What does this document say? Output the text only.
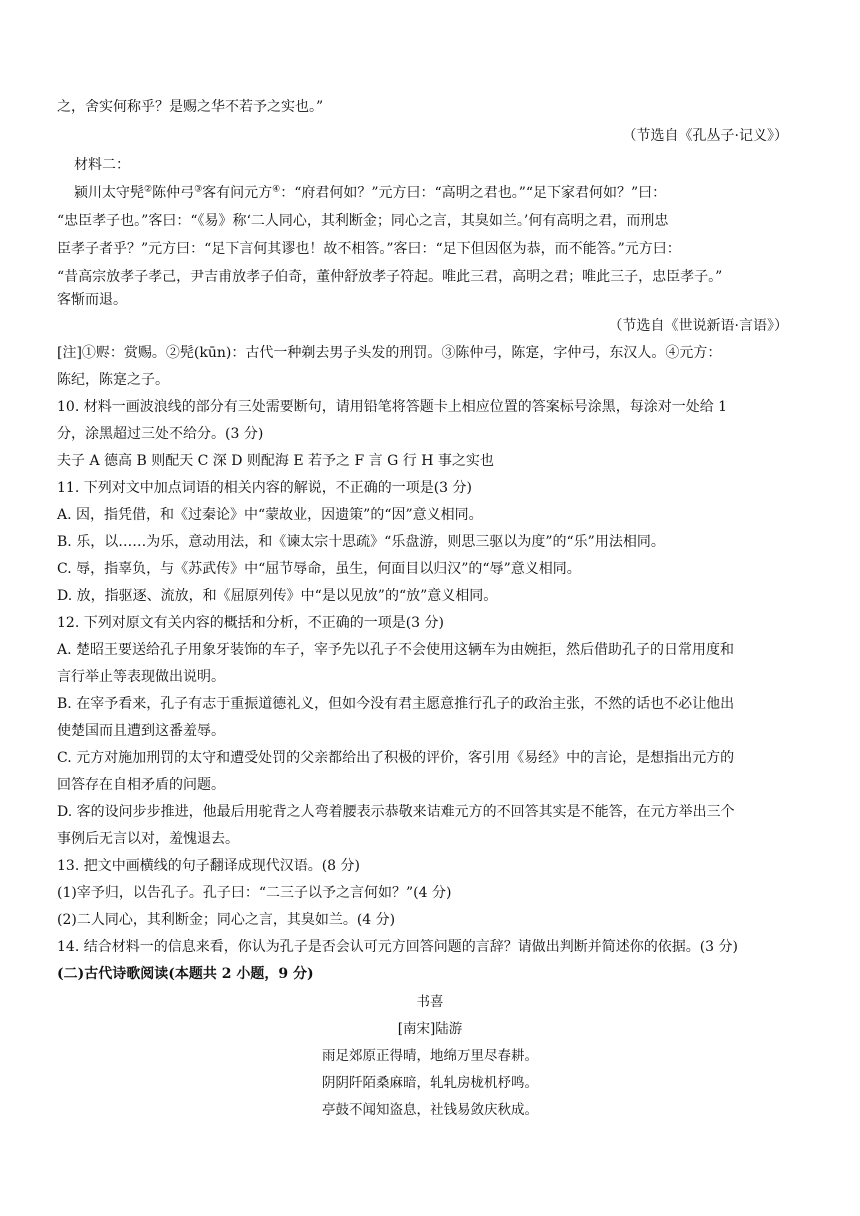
之，舍实何称乎？是赐之华不若予之实也。”
（节选自《孔丛子·记义》）
材料二：
颍川太守髡②陈仲弓③客有问元方④：“府君何如？”元方曰：“高明之君也。”“足下家君何如？”曰：
“忠臣孝子也。”客曰：“《易》称‘二人同心，其利断金；同心之言，其臭如兰。’何有高明之君，而刑忠
臣孝子者乎？”元方曰：“足下言何其谬也！故不相答。”客曰：“足下但因伛为恭，而不能答。”元方曰：
“昔高宗放孝子孝己，尹吉甫放孝子伯奇，董仲舒放孝子符起。唯此三君，高明之君；唯此三子，忠臣孝子。”
客惭而退。
（节选自《世说新语·言语》）
[注]①赆：赏赐。②髡(kūn)：古代一种剃去男子头发的刑罚。③陈仲弓，陈寔，字仲弓，东汉人。④元方：
陈纪，陈寔之子。
10. 材料一画波浪线的部分有三处需要断句，请用铅笔将答题卡上相应位置的答案标号涂黑，每涂对一处给 1
分，涂黑超过三处不给分。(3 分)
夫子 A 德高 B 则配天 C 深 D 则配海 E 若予之 F 言 G 行 H 事之实也
11. 下列对文中加点词语的相关内容的解说，不正确的一项是(3 分)
A. 因，指凭借，和《过秦论》中“蒙故业，因遗策”的“因”意义相同。
B. 乐，以……为乐，意动用法，和《谏太宗十思疏》“乐盘游，则思三驱以为度”的“乐”用法相同。
C. 辱，指辜负，与《苏武传》中“屈节辱命，虽生，何面目以归汉”的“辱”意义相同。
D. 放，指驱逐、流放，和《屈原列传》中“是以见放”的“放”意义相同。
12. 下列对原文有关内容的概括和分析，不正确的一项是(3 分)
A. 楚昭王要送给孔子用象牙装饰的车子，宰予先以孔子不会使用这辆车为由婉拒，然后借助孔子的日常用度和
言行举止等表现做出说明。
B. 在宰予看来，孔子有志于重振道德礼义，但如今没有君主愿意推行孔子的政治主张，不然的话也不必让他出
使楚国而且遭到这番羞辱。
C. 元方对施加刑罚的太守和遭受处罚的父亲都给出了积极的评价，客引用《易经》中的言论，是想指出元方的
回答存在自相矛盾的问题。
D. 客的设问步步推进，他最后用驼背之人弯着腰表示恭敬来诘难元方的不回答其实是不能答，在元方举出三个
事例后无言以对，羞愧退去。
13. 把文中画横线的句子翻译成现代汉语。(8 分)
(1)宰予归，以告孔子。孔子曰：“二三子以予之言何如？”(4 分)
(2)二人同心，其利断金；同心之言，其臭如兰。(4 分)
14. 结合材料一的信息来看，你认为孔子是否会认可元方回答问题的言辞？请做出判断并简述你的依据。(3 分)
(二)古代诗歌阅读(本题共 2 小题，9 分)
书喜
[南宋]陆游
雨足郊原正得晴，地绵万里尽春耕。
阴阴阡陌桑麻暗，轧轧房栊机杼鸣。
亭鼓不闻知盗息，社钱易敛庆秋成。
